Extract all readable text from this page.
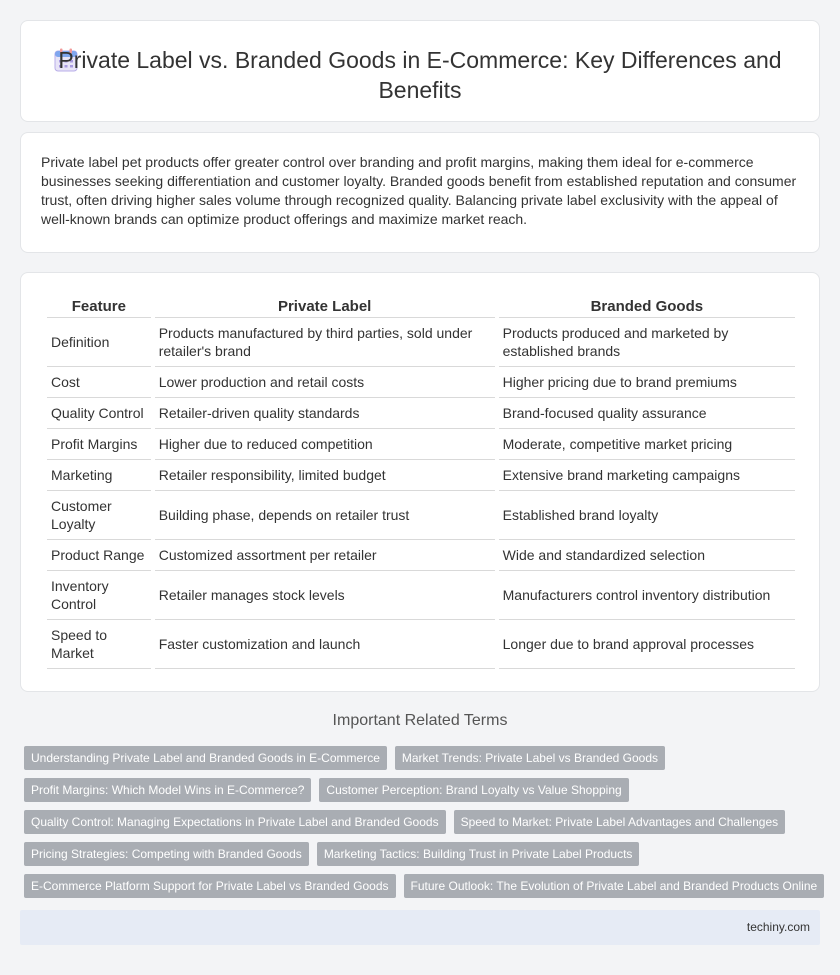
Private Label vs. Branded Goods in E-Commerce: Key Differences and Benefits

Private label pet products offer greater control over branding and profit margins, making them ideal for e-commerce businesses seeking differentiation and customer loyalty. Branded goods benefit from established reputation and consumer trust, often driving higher sales volume through recognized quality. Balancing private label exclusivity with the appeal of well-known brands can optimize product offerings and maximize market reach.

Feature	Private Label	Branded Goods
Definition	Products manufactured by third parties, sold under retailer's brand	Products produced and marketed by established brands
Cost	Lower production and retail costs	Higher pricing due to brand premiums
Quality Control	Retailer-driven quality standards	Brand-focused quality assurance
Profit Margins	Higher due to reduced competition	Moderate, competitive market pricing
Marketing	Retailer responsibility, limited budget	Extensive brand marketing campaigns
Customer Loyalty	Building phase, depends on retailer trust	Established brand loyalty
Product Range	Customized assortment per retailer	Wide and standardized selection
Inventory Control	Retailer manages stock levels	Manufacturers control inventory distribution
Speed to Market	Faster customization and launch	Longer due to brand approval processes
Important Related Terms
Understanding Private Label and Branded Goods in E-Commerce	Market Trends: Private Label vs Branded Goods
Profit Margins: Which Model Wins in E-Commerce?	Customer Perception: Brand Loyalty vs Value Shopping
Quality Control: Managing Expectations in Private Label and Branded Goods	Speed to Market: Private Label Advantages and Challenges
Pricing Strategies: Competing with Branded Goods	Marketing Tactics: Building Trust in Private Label Products
E-Commerce Platform Support for Private Label vs Branded Goods	Future Outlook: The Evolution of Private Label and Branded Products Online
techiny.com
